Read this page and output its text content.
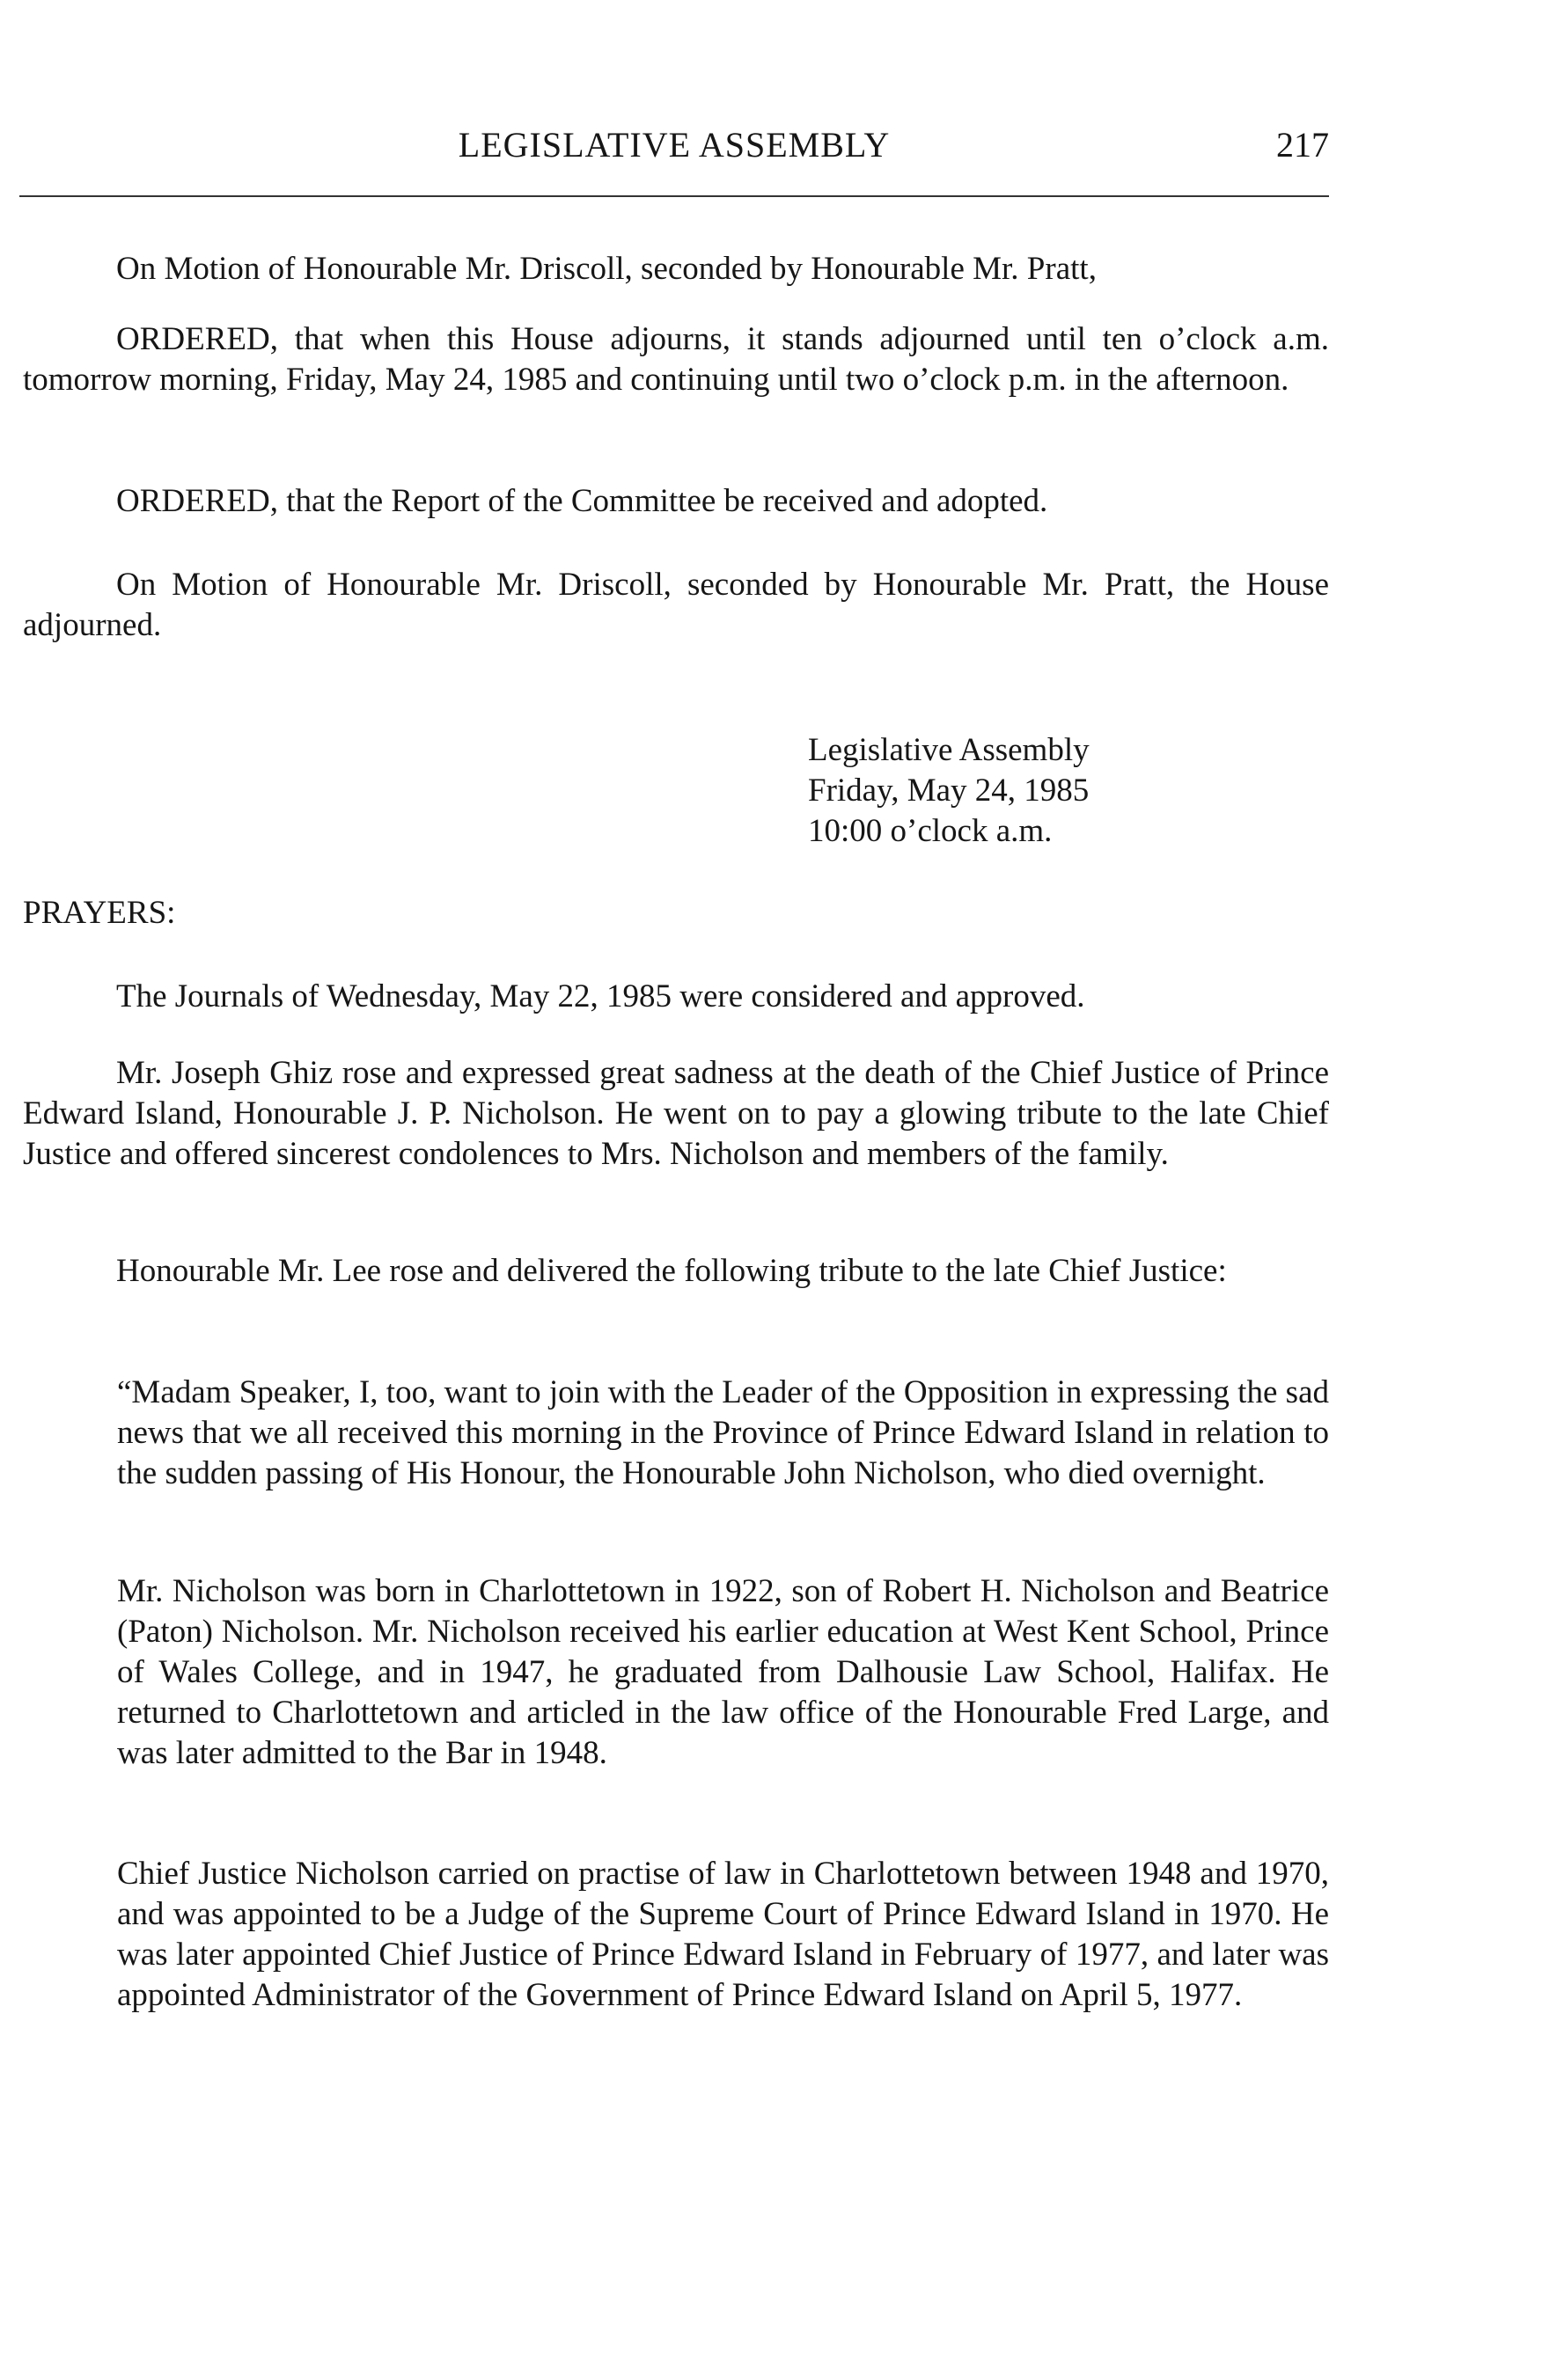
LEGISLATIVE ASSEMBLY	217

On Motion of Honourable Mr. Driscoll, seconded by Honourable Mr. Pratt,

ORDERED, that when this House adjourns, it stands adjourned until ten o’clock a.m. tomorrow morning, Friday, May 24, 1985 and continuing until two o’clock p.m. in the afternoon.

ORDERED, that the Report of the Committee be received and adopted.

On Motion of Honourable Mr. Driscoll, seconded by Honourable Mr. Pratt, the House adjourned.

Legislative Assembly
Friday, May 24, 1985
10:00 o’clock a.m.
PRAYERS:

The Journals of Wednesday, May 22, 1985 were considered and approved.

Mr. Joseph Ghiz rose and expressed great sadness at the death of the Chief Justice of Prince Edward Island, Honourable J. P. Nicholson. He went on to pay a glowing tribute to the late Chief Justice and offered sincerest condolences to Mrs. Nicholson and members of the family.

Honourable Mr. Lee rose and delivered the following tribute to the late Chief Justice:

“Madam Speaker, I, too, want to join with the Leader of the Opposition in expressing the sad news that we all received this morning in the Province of Prince Edward Island in relation to the sudden passing of His Honour, the Honourable John Nicholson, who died overnight.

Mr. Nicholson was born in Charlottetown in 1922, son of Robert H. Nicholson and Beatrice (Paton) Nicholson. Mr. Nicholson received his earlier education at West Kent School, Prince of Wales College, and in 1947, he graduated from Dalhousie Law School, Halifax. He returned to Charlottetown and articled in the law office of the Honourable Fred Large, and was later admitted to the Bar in 1948.

Chief Justice Nicholson carried on practise of law in Charlottetown between 1948 and 1970, and was appointed to be a Judge of the Supreme Court of Prince Edward Island in 1970. He was later appointed Chief Justice of Prince Edward Island in February of 1977, and later was appointed Administrator of the Government of Prince Edward Island on April 5, 1977.
